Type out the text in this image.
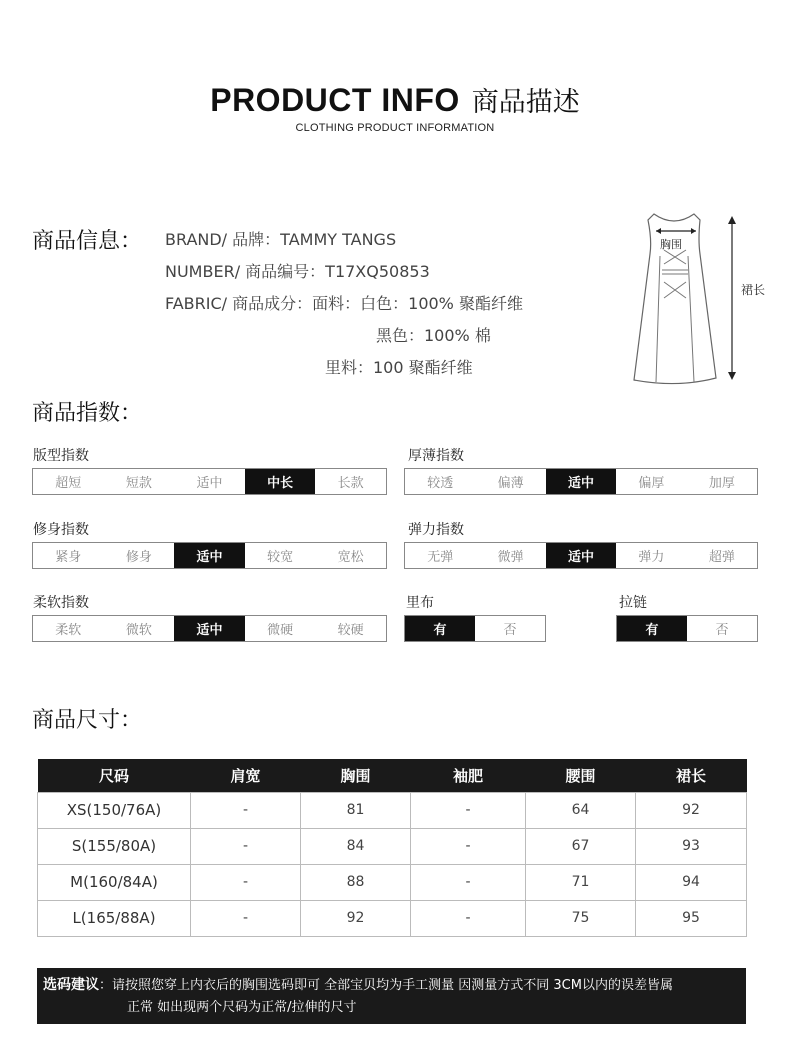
PRODUCT INFO 商品描述
CLOTHING PRODUCT INFORMATION
商品信息： BRAND/ 品牌：TAMMY TANGS
NUMBER/ 商品编号：T17XQ50853
FABRIC/ 商品成分：面料：白色：100% 聚酯纤维
黑色：100% 棉
里料：100 聚酯纤维
胸围
裙长
商品指数：
版型指数
超短	短款	适中	中长	长款
厚薄指数
较透	偏薄	适中	偏厚	加厚
修身指数
紧身	修身	适中	较宽	宽松
弹力指数
无弹	微弹	适中	弹力	超弹
柔软指数
柔软	微软	适中	微硬	较硬
里布
有	否
拉链
有	否
商品尺寸：
尺码	肩宽	胸围	袖肥	腰围	裙长
XS(150/76A)	-	81	-	64	92
S(155/80A)	-	84	-	67	93
M(160/84A)	-	88	-	71	94
L(165/88A)	-	92	-	75	95
选码建议：请按照您穿上内衣后的胸围选码即可 全部宝贝均为手工测量 因测量方式不同 3CM以内的误差皆属
正常 如出现两个尺码为正常/拉伸的尺寸
